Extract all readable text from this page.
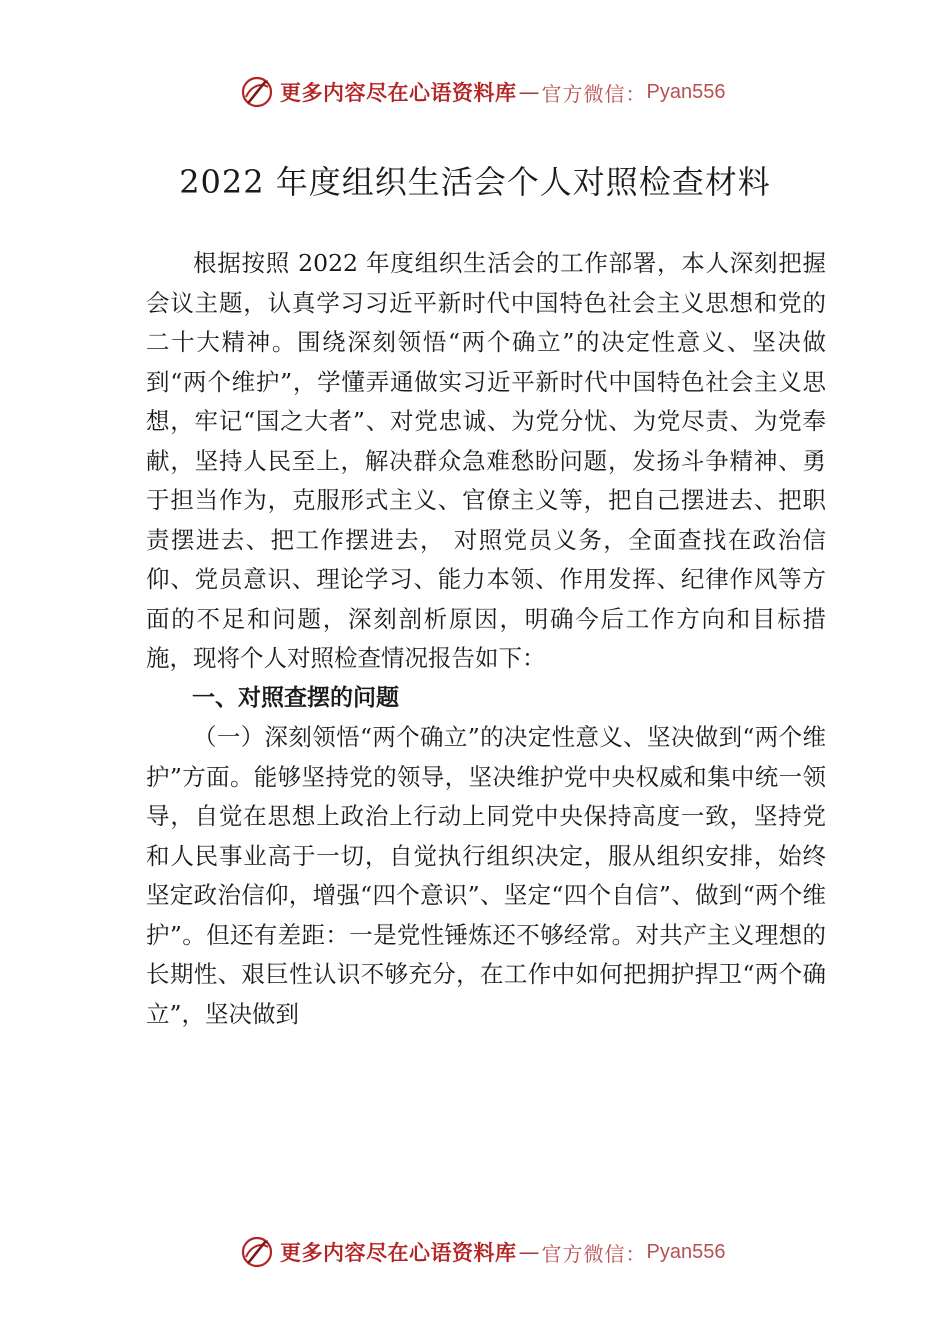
更多内容尽在心语资料库 — 官方微信： Pyan556
2022 年度组织生活会个人对照检查材料

根据按照 2022 年度组织生活会的工作部署，本人深刻把握会议主题，认真学习习近平新时代中国特色社会主义思想和党的二十大精神。围绕深刻领悟“两个确立”的决定性意义、坚决做到“两个维护”，学懂弄通做实习近平新时代中国特色社会主义思想，牢记“国之大者”、对党忠诚、为党分忧、为党尽责、为党奉献，坚持人民至上，解决群众急难愁盼问题，发扬斗争精神、勇于担当作为，克服形式主义、官僚主义等，把自己摆进去、把职责摆进去、把工作摆进去， 对照党员义务，全面查找在政治信仰、党员意识、理论学习、能力本领、作用发挥、纪律作风等方面的不足和问题，深刻剖析原因，明确今后工作方向和目标措施，现将个人对照检查情况报告如下：

一、对照查摆的问题

（一）深刻领悟“两个确立”的决定性意义、坚决做到“两个维护”方面。能够坚持党的领导，坚决维护党中央权威和集中统一领导，自觉在思想上政治上行动上同党中央保持高度一致，坚持党和人民事业高于一切，自觉执行组织决定，服从组织安排，始终坚定政治信仰，增强“四个意识”、坚定“四个自信”、做到“两个维护”。但还有差距：一是党性锤炼还不够经常。对共产主义理想的长期性、艰巨性认识不够充分，在工作中如何把拥护捍卫“两个确立”，坚决做到

更多内容尽在心语资料库 — 官方微信： Pyan556
